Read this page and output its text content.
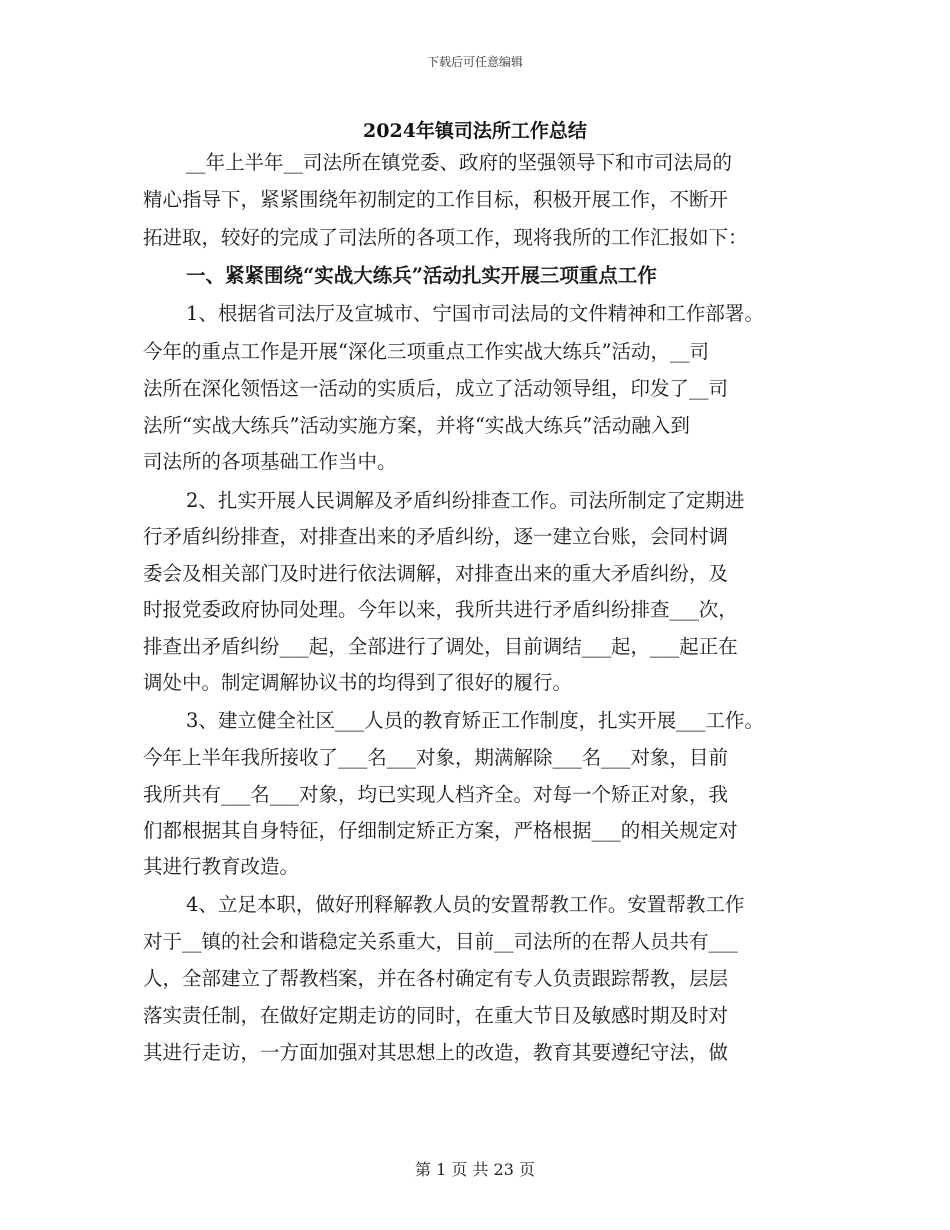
下载后可任意编辑
2024年镇司法所工作总结
__年上半年__司法所在镇党委、政府的坚强领导下和市司法局的
精心指导下，紧紧围绕年初制定的工作目标，积极开展工作，不断开
拓进取，较好的完成了司法所的各项工作，现将我所的工作汇报如下：
一、紧紧围绕“实战大练兵”活动扎实开展三项重点工作
1、根据省司法厅及宣城市、宁国市司法局的文件精神和工作部署。
今年的重点工作是开展“深化三项重点工作实战大练兵”活动，__司
法所在深化领悟这一活动的实质后，成立了活动领导组，印发了__司
法所“实战大练兵”活动实施方案，并将“实战大练兵”活动融入到
司法所的各项基础工作当中。
2、扎实开展人民调解及矛盾纠纷排查工作。司法所制定了定期进
行矛盾纠纷排查，对排查出来的矛盾纠纷，逐一建立台账，会同村调
委会及相关部门及时进行依法调解，对排查出来的重大矛盾纠纷，及
时报党委政府协同处理。今年以来，我所共进行矛盾纠纷排查___次，
排查出矛盾纠纷___起，全部进行了调处，目前调结___起，___起正在
调处中。制定调解协议书的均得到了很好的履行。
3、建立健全社区___人员的教育矫正工作制度，扎实开展___工作。
今年上半年我所接收了___名___对象，期满解除___名___对象，目前
我所共有___名___对象，均已实现人档齐全。对每一个矫正对象，我
们都根据其自身特征，仔细制定矫正方案，严格根据___的相关规定对
其进行教育改造。
4、立足本职，做好刑释解教人员的安置帮教工作。安置帮教工作
对于__镇的社会和谐稳定关系重大，目前__司法所的在帮人员共有___
人，全部建立了帮教档案，并在各村确定有专人负责跟踪帮教，层层
落实责任制，在做好定期走访的同时，在重大节日及敏感时期及时对
其进行走访，一方面加强对其思想上的改造，教育其要遵纪守法，做
第 1 页 共 23 页
